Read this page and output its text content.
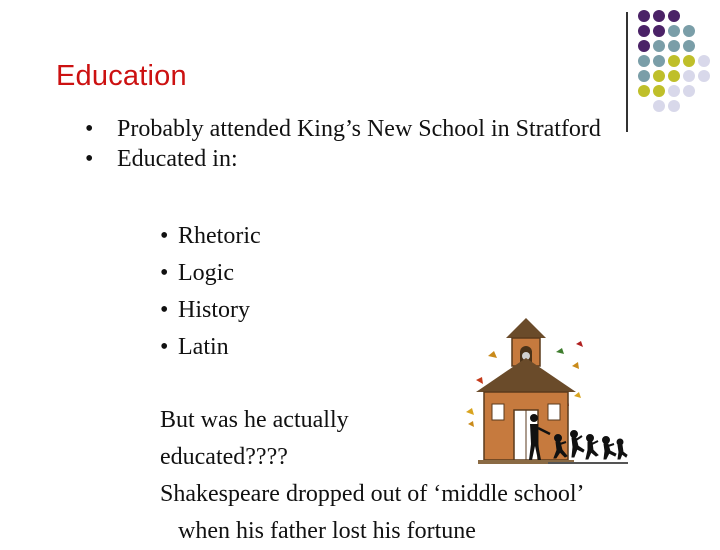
Education
• Probably attended King’s New School in Stratford
• Educated in:
• Rhetoric
• Logic
• History
• Latin
But was he actually
educated????
Shakespeare dropped out of ‘middle school’
when his father lost his fortune
